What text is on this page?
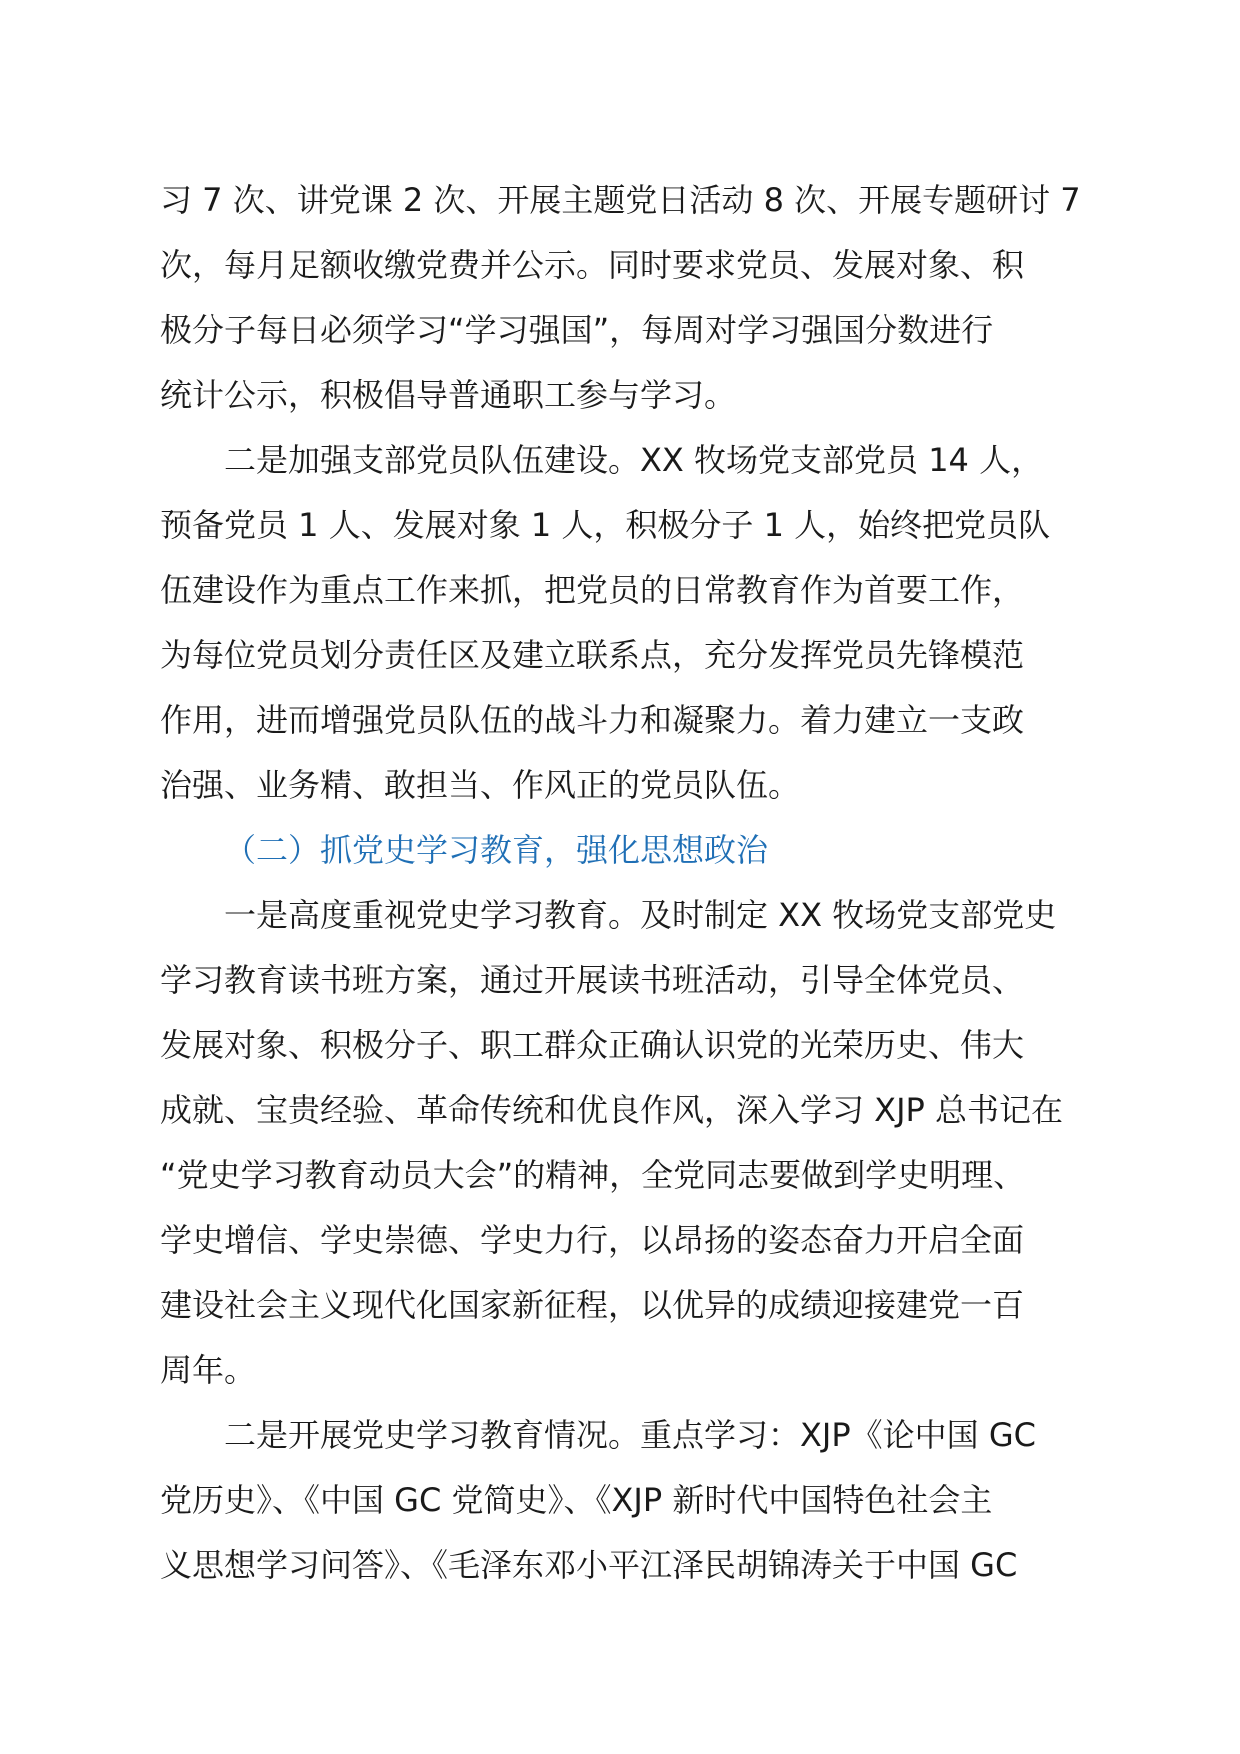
习 7 次、讲党课 2 次、开展主题党日活动 8 次、开展专题研讨 7
次，每月足额收缴党费并公示。同时要求党员、发展对象、积
极分子每日必须学习“学习强国”，每周对学习强国分数进行
统计公示，积极倡导普通职工参与学习。
二是加强支部党员队伍建设。XX 牧场党支部党员 14 人，
预备党员 1 人、发展对象 1 人，积极分子 1 人，始终把党员队
伍建设作为重点工作来抓，把党员的日常教育作为首要工作，
为每位党员划分责任区及建立联系点，充分发挥党员先锋模范
作用，进而增强党员队伍的战斗力和凝聚力。着力建立一支政
治强、业务精、敢担当、作风正的党员队伍。
（二）抓党史学习教育，强化思想政治
一是高度重视党史学习教育。及时制定 XX 牧场党支部党史
学习教育读书班方案，通过开展读书班活动，引导全体党员、
发展对象、积极分子、职工群众正确认识党的光荣历史、伟大
成就、宝贵经验、革命传统和优良作风，深入学习 XJP 总书记在
“党史学习教育动员大会”的精神，全党同志要做到学史明理、
学史增信、学史崇德、学史力行，以昂扬的姿态奋力开启全面
建设社会主义现代化国家新征程，以优异的成绩迎接建党一百
周年。
二是开展党史学习教育情况。重点学习：XJP《论中国 GC
党历史》、《中国 GC 党简史》、《XJP 新时代中国特色社会主
义思想学习问答》、《毛泽东邓小平江泽民胡锦涛关于中国 GC
